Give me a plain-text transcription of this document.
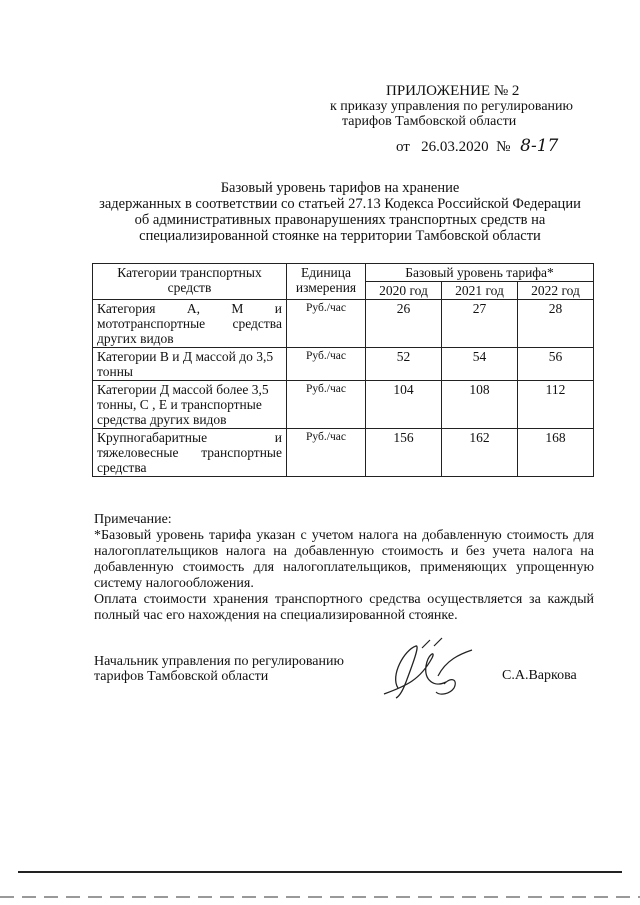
ПРИЛОЖЕНИЕ № 2
к приказу управления по регулированию
тарифов Тамбовской области
от 26.03.2020 № 8-17
Базовый уровень тарифов на хранение
задержанных в соответствии со статьей 27.13 Кодекса Российской Федерации
об административных правонарушениях транспортных средств на
специализированной стоянке на территории Тамбовской области
Категории транспортных средств	Единица измерения	Базовый уровень тарифа*		
		2020 год	2021 год	2022 год
Категория А, М и мототранспортные средства других видов	Руб./час	26	27	28
Категории В и Д массой до 3,5 тонны	Руб./час	52	54	56
Категории Д массой более 3,5 тонны, С , Е и транспортные средства других видов	Руб./час	104	108	112
Крупногабаритные и тяжеловесные транспортные средства	Руб./час	156	162	168

Примечание:

*Базовый уровень тарифа указан с учетом налога на добавленную стоимость для налогоплательщиков налога на добавленную стоимость и без учета налога на добавленную стоимость для налогоплательщиков, применяющих упрощенную систему налогообложения.

Оплата стоимости хранения транспортного средства осуществляется за каждый полный час его нахождения на специализированной стоянке.

Начальник управления по регулированию
тарифов Тамбовской области	С.А.Варкова
